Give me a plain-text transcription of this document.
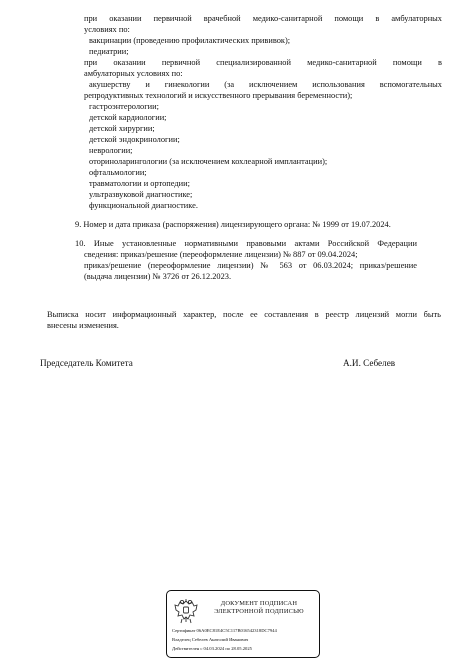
при оказании первичной врачебной медико-санитарной помощи в амбулаторных
условиях по:
вакцинации (проведению профилактических прививок);
педиатрии;
при оказании первичной специализированной медико-санитарной помощи в
амбулаторных условиях по:
акушерству и гинекологии (за исключением использования вспомогательных
репродуктивных технологий и искусственного прерывания беременности);
гастроэнтерологии;
детской кардиологии;
детской хирургии;
детской эндокринологии;
неврологии;
оториноларингологии (за исключением кохлеарной имплантации);
офтальмологии;
травматологии и ортопедии;
ультразвуковой диагностике;
функциональной диагностике.
9. Номер и дата приказа (распоряжения) лицензирующего органа: № 1999 от 19.07.2024.
10. Иные установленные нормативными правовыми актами Российской Федерации
сведения: приказ/решение (переоформление лицензии) № 887 от 09.04.2024;
приказ/решение (переоформление лицензии) № 563 от 06.03.2024; приказ/решение
(выдача лицензии) № 3726 от 26.12.2023.
Выписка носит информационный характер, после ее составления в реестр лицензий могли быть
внесены изменения.
Председатель Комитета	А.И. Себелев
ДОКУМЕНТ ПОДПИСАН
ЭЛЕКТРОННОЙ ПОДПИСЬЮ
Сертификат 06A0EC81E4C5C117B016542318DC7944
Владелец Себелев Анатолий Иванович
Действителен с 04.03.2024 по 28.05.2025
